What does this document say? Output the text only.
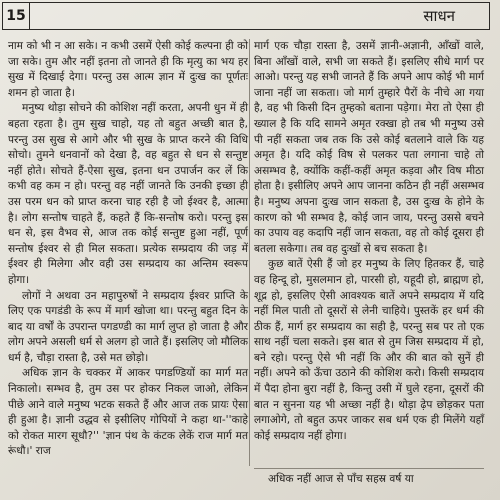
15	साधन

नाम को भी न आ सके। न कभी उसमें ऐसी कोई कल्पना ही को जा सके। तुम और नहीं इतना तो जानते ही कि मृत्यु का भय हर सुख में दिखाई देगा। परन्तु उस आत्म ज्ञान में दुःख का पूर्णतः शमन हो जाता है।

मनुष्य थोड़ा सोचने की कोशिश नहीं करता, अपनी धुन में ही बहता रहता है। तुम सुख चाहो, यह तो बहुत अच्छी बात है, परन्तु उस सुख से आगे और भी सुख के प्राप्त करने की विधि सोचो। तुमने धनवानों को देखा है, वह बहुत से धन से सन्तुष्ट नहीं होते। सोचते हैं-ऐसा सुख, इतना धन उपार्जन कर लें कि कभी वह कम न हो। परन्तु वह नहीं जानते कि उनकी इच्छा ही उस परम धन को प्राप्त करना चाह रही है जो ईश्वर है, आत्मा है। लोग सन्तोष चाहते हैं, कहते हैं कि-सन्तोष करो। परन्तु इस धन से, इस वैभव से, आज तक कोई सन्तुष्ट हुआ नहीं, पूर्ण सन्तोष ईश्वर से ही मिल सकता। प्रत्येक सम्प्रदाय की जड़ में ईश्वर ही मिलेगा और वही उस सम्प्रदाय का अन्तिम स्वरूप होगा।

लोगों ने अथवा उन महापुरुषों ने सम्प्रदाय ईश्वर प्राप्ति के लिए एक पगडंडी के रूप में मार्ग खोजा था। परन्तु बहुत दिन के बाद या वर्षों के उपरान्त पगडण्डी का मार्ग लुप्त हो जाता है और लोग अपने असली धर्म से अलग हो जाते हैं। इसलिए जो मौलिक धर्म है, चौड़ा रास्ता है, उसे मत छोड़ो।

अधिक ज्ञान के चक्कर में आकर पगडण्डियों का मार्ग मत निकालो। सम्भव है, तुम उस पर होकर निकल जाओ, लेकिन पीछे आने वाले मनुष्य भटक सकते हैं और आज तक प्रायः ऐसा ही हुआ है। ज्ञानी उद्धव से इसीलिए गोपियों ने कहा था-''काहे को रोकत मारग सूधौ?'' 'ज्ञान पंथ के कंटक लेकें राज मार्ग मत रूंधौ।' राज

मार्ग एक चौड़ा रास्ता है, उसमें ज्ञानी-अज्ञानी, आँखों वाले, बिना आँखों वाले, सभी जा सकते हैं। इसलिए सीधे मार्ग पर आओ। परन्तु यह सभी जानते हैं कि अपने आप कोई भी मार्ग जाना नहीं जा सकता। जो मार्ग तुम्हारे पैरों के नीचे आ गया है, वह भी किसी दिन तुम्हको बताना पड़ेगा। मेरा तो ऐसा ही ख्याल है कि यदि सामने अमृत रक्खा हो तब भी मनुष्य उसे पी नहीं सकता जब तक कि उसे कोई बतलाने वाले कि यह अमृत है। यदि कोई विष से पलकर पता लगाना चाहे तो असम्भव है, क्योंकि कहीं-कहीं अमृत कड़वा और विष मीठा होता है। इसीलिए अपने आप जानना कठिन ही नहीं असम्भव है। मनुष्य अपना दुःख जान सकता है, उस दुःख के होने के कारण को भी सम्भव है, कोई जान जाय, परन्तु उससे बचने का उपाय वह कदापि नहीं जान सकता, वह तो कोई दूसरा ही बतला सकेगा। तब वह दुःखों से बच सकता है।

कुछ बातें ऐसी हैं जो हर मनुष्य के लिए हितकर हैं, चाहे वह हिन्दू हो, मुसलमान हो, पारसी हो, यहूदी हो, ब्राह्मण हो, शूद्र हो, इसलिए ऐसी आवश्यक बातें अपने सम्प्रदाय में यदि नहीं मिल पाती तो दूसरों से लेनी चाहिये। पुस्तकें हर धर्म की ठीक हैं, मार्ग हर सम्प्रदाय का सही है, परन्तु सब पर तो एक साथ नहीं चला सकते। इस बात से तुम जिस सम्प्रदाय में हो, बने रहो। परन्तु ऐसे भी नहीं कि और की बात को सुनें ही नहीं। अपने को ऊँचा उठाने की कोशिश करो। किसी सम्प्रदाय में पैदा होना बुरा नहीं है, किन्तु उसी में घुले रहना, दूसरों की बात न सुनना यह भी अच्छा नहीं है। थोड़ा ढ़ेप छोड़कर पता लगाओगे, तो बहुत ऊपर जाकर सब धर्म एक ही मिलेंगे यहाँ कोई सम्प्रदाय नहीं होगा।

अधिक नहीं आज से पाँच सहस्र वर्ष या
